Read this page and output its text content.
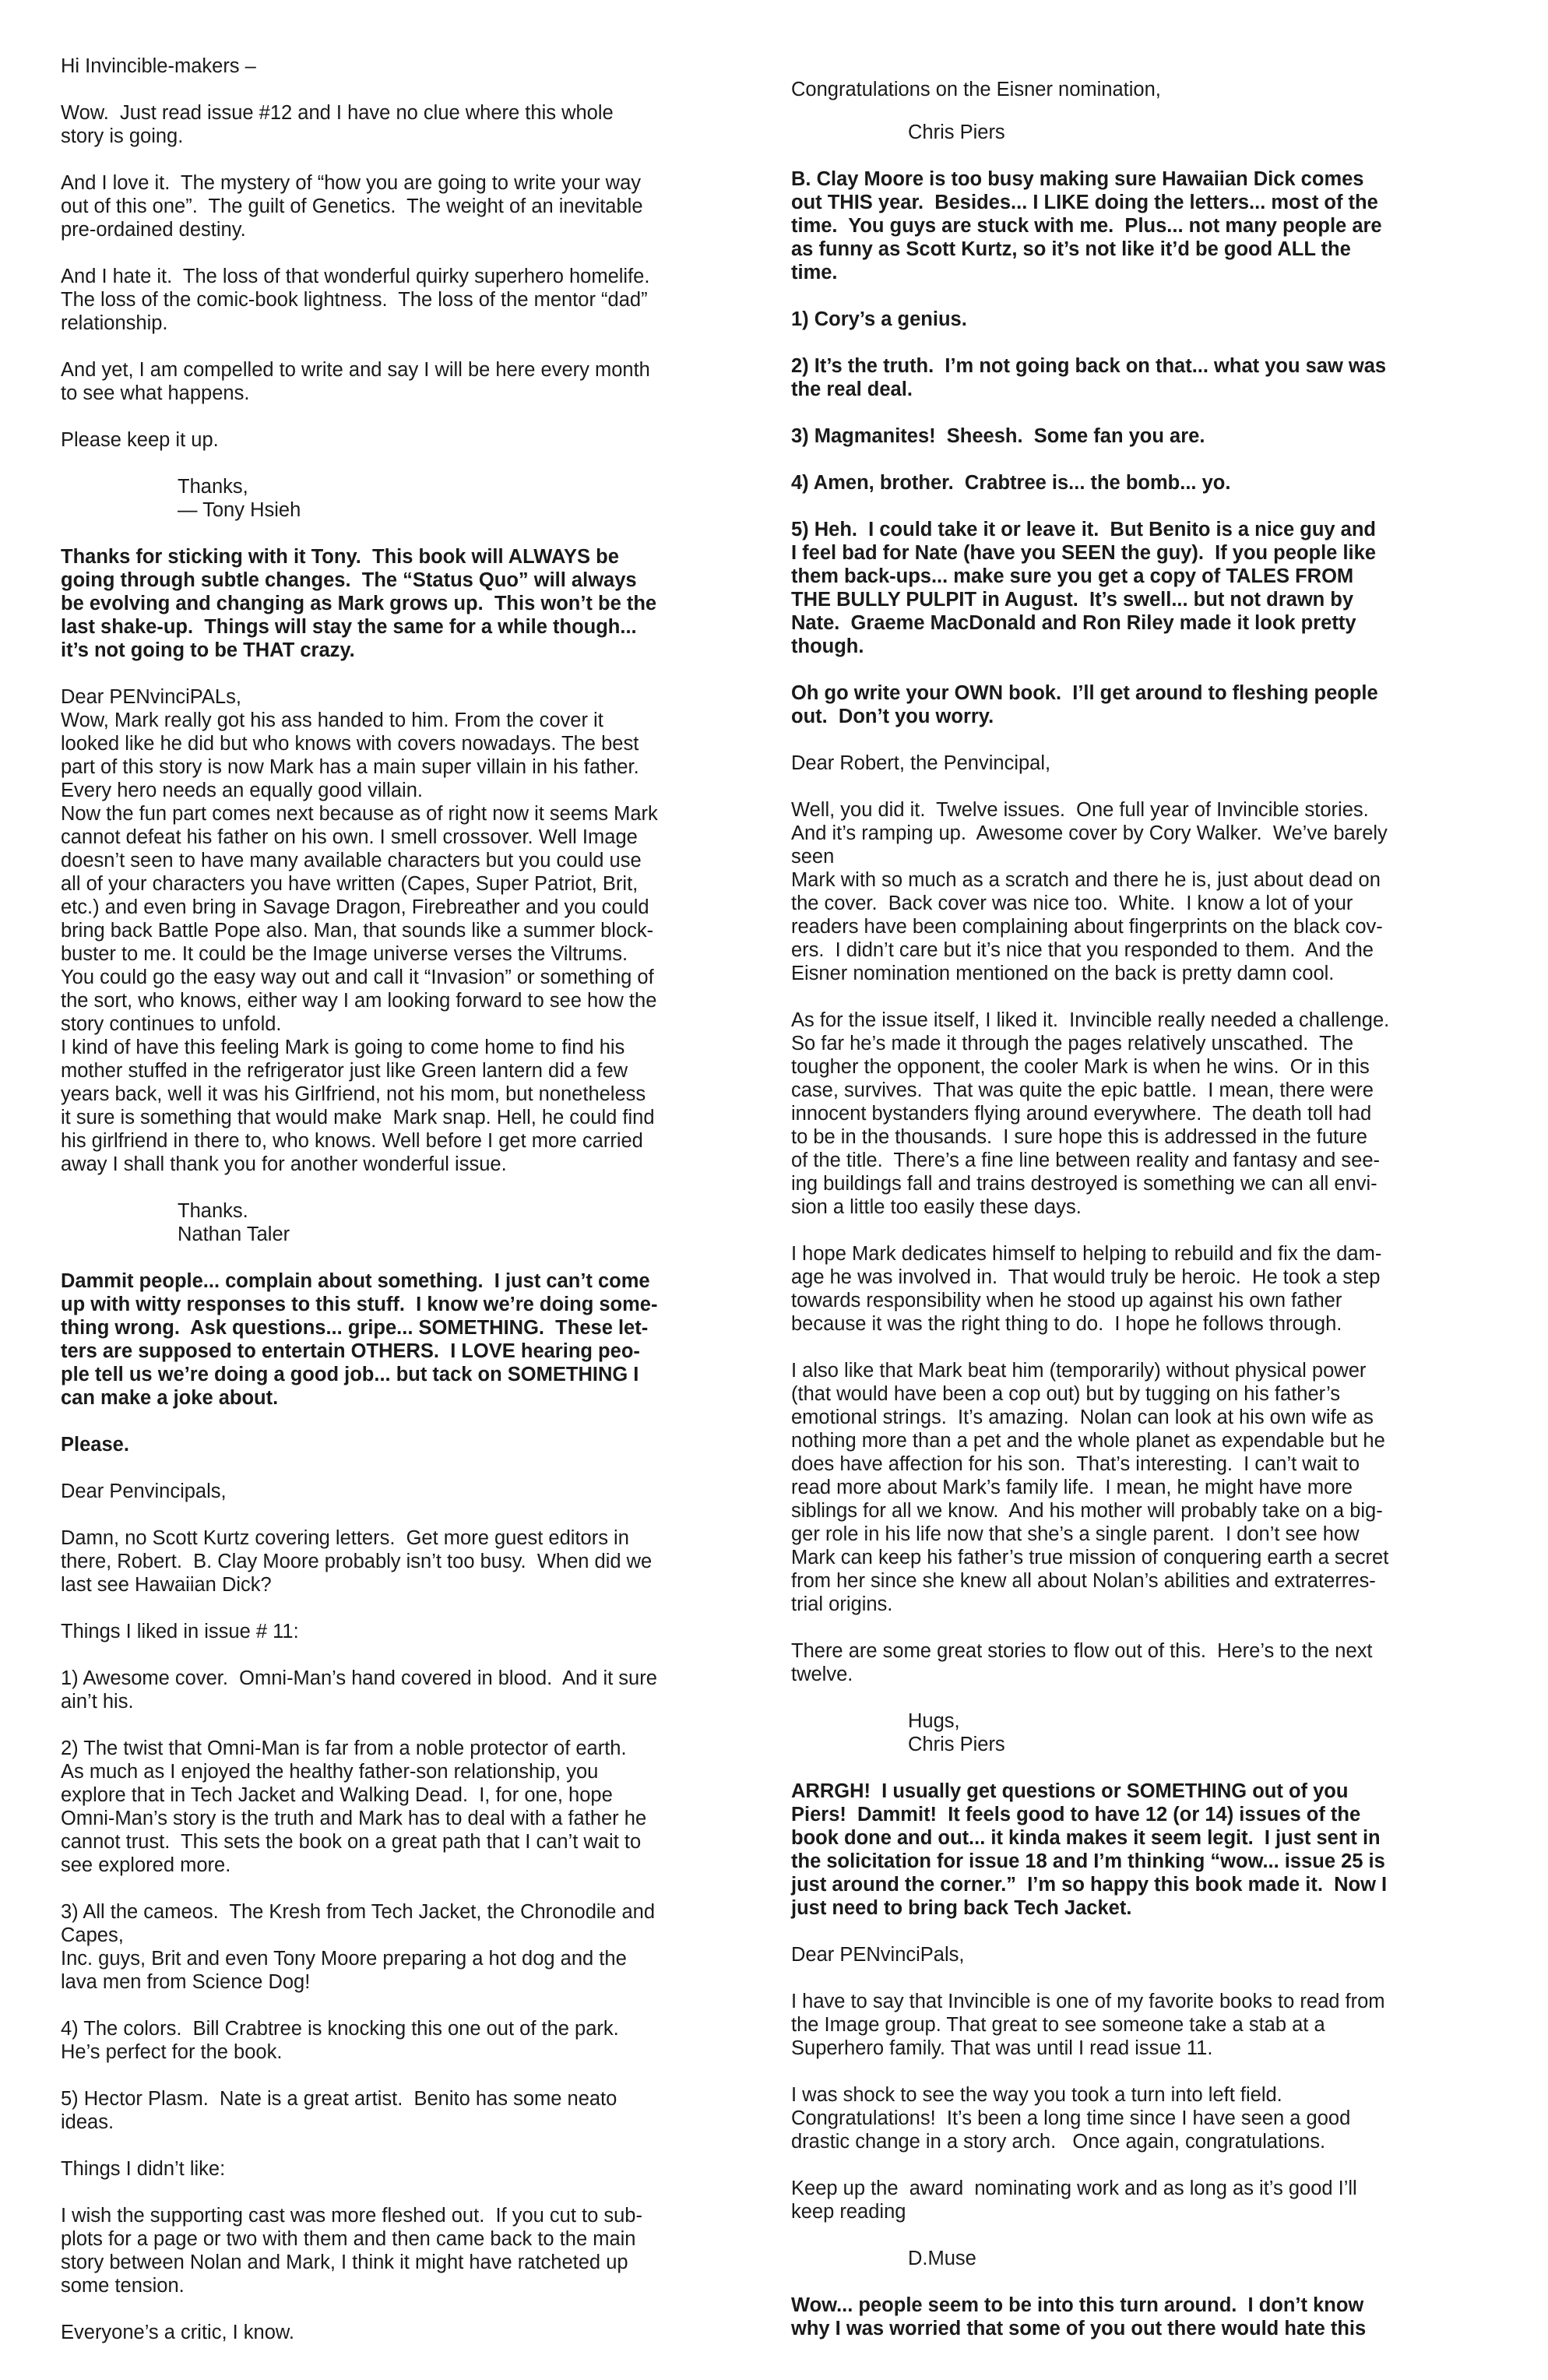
Hi Invincible-makers –

Wow.  Just read issue #12 and I have no clue where this whole
story is going.

And I love it.  The mystery of “how you are going to write your way
out of this one”.  The guilt of Genetics.  The weight of an inevitable
pre-ordained destiny.

And I hate it.  The loss of that wonderful quirky superhero homelife.
The loss of the comic-book lightness.  The loss of the mentor “dad”
relationship.

And yet, I am compelled to write and say I will be here every month
to see what happens.

Please keep it up.

Thanks,
— Tony Hsieh

Thanks for sticking with it Tony.  This book will ALWAYS be
going through subtle changes.  The “Status Quo” will always
be evolving and changing as Mark grows up.  This won’t be the
last shake-up.  Things will stay the same for a while though...
it’s not going to be THAT crazy.

Dear PENvinciPALs,
Wow, Mark really got his ass handed to him. From the cover it
looked like he did but who knows with covers nowadays. The best
part of this story is now Mark has a main super villain in his father.
Every hero needs an equally good villain.
Now the fun part comes next because as of right now it seems Mark
cannot defeat his father on his own. I smell crossover. Well Image
doesn’t seen to have many available characters but you could use
all of your characters you have written (Capes, Super Patriot, Brit,
etc.) and even bring in Savage Dragon, Firebreather and you could
bring back Battle Pope also. Man, that sounds like a summer block-
buster to me. It could be the Image universe verses the Viltrums.
You could go the easy way out and call it “Invasion” or something of
the sort, who knows, either way I am looking forward to see how the
story continues to unfold.
I kind of have this feeling Mark is going to come home to find his
mother stuffed in the refrigerator just like Green lantern did a few
years back, well it was his Girlfriend, not his mom, but nonetheless
it sure is something that would make  Mark snap. Hell, he could find
his girlfriend in there to, who knows. Well before I get more carried
away I shall thank you for another wonderful issue.

Thanks.
Nathan Taler

Dammit people... complain about something.  I just can’t come
up with witty responses to this stuff.  I know we’re doing some-
thing wrong.  Ask questions... gripe... SOMETHING.  These let-
ters are supposed to entertain OTHERS.  I LOVE hearing peo-
ple tell us we’re doing a good job... but tack on SOMETHING I
can make a joke about.

Please.

Dear Penvincipals,

Damn, no Scott Kurtz covering letters.  Get more guest editors in
there, Robert.  B. Clay Moore probably isn’t too busy.  When did we
last see Hawaiian Dick?

Things I liked in issue # 11:

1) Awesome cover.  Omni-Man’s hand covered in blood.  And it sure
ain’t his.

2) The twist that Omni-Man is far from a noble protector of earth.
As much as I enjoyed the healthy father-son relationship, you
explore that in Tech Jacket and Walking Dead.  I, for one, hope
Omni-Man’s story is the truth and Mark has to deal with a father he
cannot trust.  This sets the book on a great path that I can’t wait to
see explored more.

3) All the cameos.  The Kresh from Tech Jacket, the Chronodile and
Capes,
Inc. guys, Brit and even Tony Moore preparing a hot dog and the
lava men from Science Dog!

4) The colors.  Bill Crabtree is knocking this one out of the park.
He’s perfect for the book.

5) Hector Plasm.  Nate is a great artist.  Benito has some neato
ideas.

Things I didn’t like:

I wish the supporting cast was more fleshed out.  If you cut to sub-
plots for a page or two with them and then came back to the main
story between Nolan and Mark, I think it might have ratcheted up
some tension.

Everyone’s a critic, I know.

Congratulations on the Eisner nomination,

Chris Piers

B. Clay Moore is too busy making sure Hawaiian Dick comes
out THIS year.  Besides... I LIKE doing the letters... most of the
time.  You guys are stuck with me.  Plus... not many people are
as funny as Scott Kurtz, so it’s not like it’d be good ALL the
time.

1) Cory’s a genius.

2) It’s the truth.  I’m not going back on that... what you saw was
the real deal.

3) Magmanites!  Sheesh.  Some fan you are.

4) Amen, brother.  Crabtree is... the bomb... yo.

5) Heh.  I could take it or leave it.  But Benito is a nice guy and
I feel bad for Nate (have you SEEN the guy).  If you people like
them back-ups... make sure you get a copy of TALES FROM
THE BULLY PULPIT in August.  It’s swell... but not drawn by
Nate.  Graeme MacDonald and Ron Riley made it look pretty
though.

Oh go write your OWN book.  I’ll get around to fleshing people
out.  Don’t you worry.

Dear Robert, the Penvincipal,

Well, you did it.  Twelve issues.  One full year of Invincible stories.
And it’s ramping up.  Awesome cover by Cory Walker.  We’ve barely
seen
Mark with so much as a scratch and there he is, just about dead on
the cover.  Back cover was nice too.  White.  I know a lot of your
readers have been complaining about fingerprints on the black cov-
ers.  I didn’t care but it’s nice that you responded to them.  And the
Eisner nomination mentioned on the back is pretty damn cool.

As for the issue itself, I liked it.  Invincible really needed a challenge.
So far he’s made it through the pages relatively unscathed.  The
tougher the opponent, the cooler Mark is when he wins.  Or in this
case, survives.  That was quite the epic battle.  I mean, there were
innocent bystanders flying around everywhere.  The death toll had
to be in the thousands.  I sure hope this is addressed in the future
of the title.  There’s a fine line between reality and fantasy and see-
ing buildings fall and trains destroyed is something we can all envi-
sion a little too easily these days.

I hope Mark dedicates himself to helping to rebuild and fix the dam-
age he was involved in.  That would truly be heroic.  He took a step
towards responsibility when he stood up against his own father
because it was the right thing to do.  I hope he follows through.

I also like that Mark beat him (temporarily) without physical power
(that would have been a cop out) but by tugging on his father’s
emotional strings.  It’s amazing.  Nolan can look at his own wife as
nothing more than a pet and the whole planet as expendable but he
does have affection for his son.  That’s interesting.  I can’t wait to
read more about Mark’s family life.  I mean, he might have more
siblings for all we know.  And his mother will probably take on a big-
ger role in his life now that she’s a single parent.  I don’t see how
Mark can keep his father’s true mission of conquering earth a secret
from her since she knew all about Nolan’s abilities and extraterres-
trial origins.

There are some great stories to flow out of this.  Here’s to the next
twelve.

Hugs,
Chris Piers

ARRGH!  I usually get questions or SOMETHING out of you
Piers!  Dammit!  It feels good to have 12 (or 14) issues of the
book done and out... it kinda makes it seem legit.  I just sent in
the solicitation for issue 18 and I’m thinking “wow... issue 25 is
just around the corner.”  I’m so happy this book made it.  Now I
just need to bring back Tech Jacket.

Dear PENvinciPals,

I have to say that Invincible is one of my favorite books to read from
the Image group. That great to see someone take a stab at a
Superhero family. That was until I read issue 11.

I was shock to see the way you took a turn into left field.
Congratulations!  It’s been a long time since I have seen a good
drastic change in a story arch.   Once again, congratulations.

Keep up the  award  nominating work and as long as it’s good I’ll
keep reading

D.Muse

Wow... people seem to be into this turn around.  I don’t know
why I was worried that some of you out there would hate this
